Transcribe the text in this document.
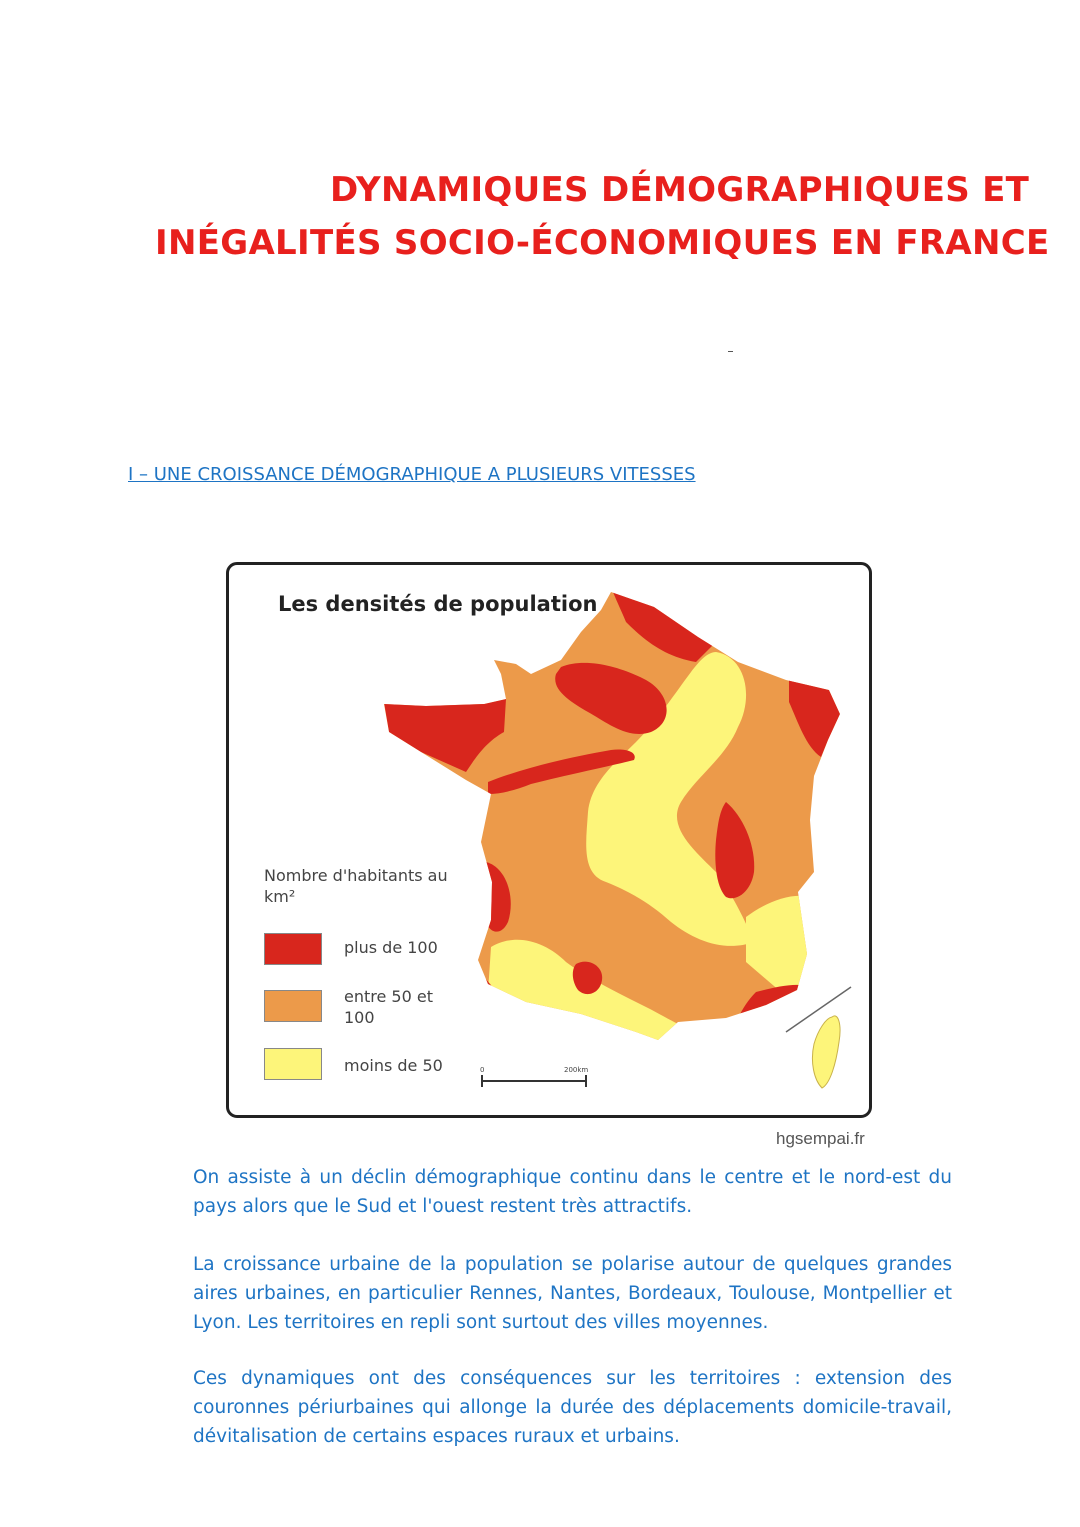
DYNAMIQUES DÉMOGRAPHIQUES ET
INÉGALITÉS SOCIO-ÉCONOMIQUES EN FRANCE
I – UNE CROISSANCE DÉMOGRAPHIQUE A PLUSIEURS VITESSES
0	200km
Les densités de population
Nombre d'habitants au km²
plus de 100
entre 50 et 100
moins de 50
hgsempai.fr
On assiste à un déclin démographique continu dans le centre et le nord-est du pays alors que le Sud et l'ouest restent très attractifs.
La croissance urbaine de la population se polarise autour de quelques grandes aires urbaines, en particulier Rennes, Nantes, Bordeaux, Toulouse, Montpellier et Lyon. Les territoires en repli sont surtout des villes moyennes.
Ces dynamiques ont des conséquences sur les territoires : extension des couronnes périurbaines qui allonge la durée des déplacements domicile-travail, dévitalisation de certains espaces ruraux et urbains.
